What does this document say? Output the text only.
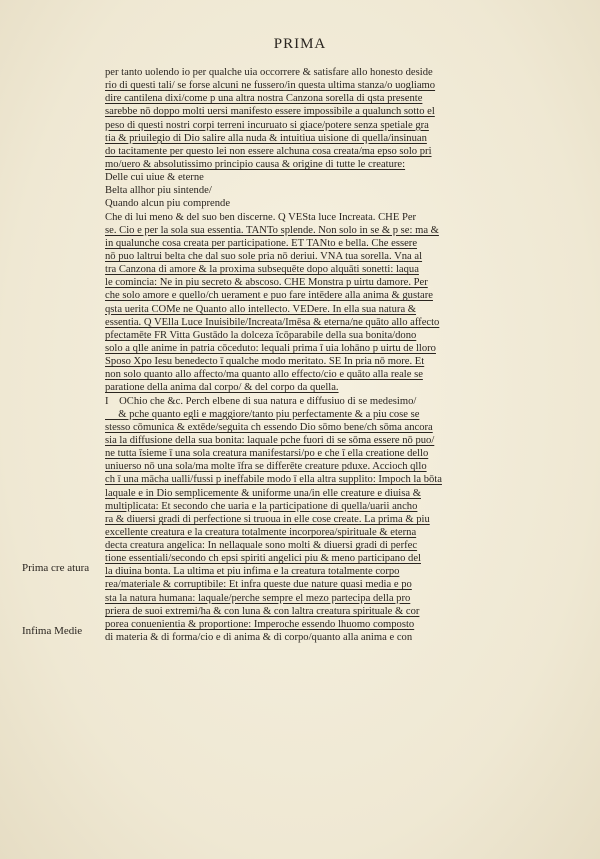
PRIMA
Prima cre atura
Infima Medie
per tanto uolendo io per qualche uia occorrere & satisfare allo honesto deside
rio di questi tali/ se forse alcuni ne fussero/in questa ultima stanza/o uogliamo
dire cantilena dixi/come p una altra nostra Canzona sorella di qsta presente
sarebbe nō doppo molti uersi manifesto essere impossibile a qualunch sotto el
peso di questi nostri corpi terreni incuruato si giace/potere senza spetiale gra
tia & priuilegio di Dio salire alla nuda & intuitiua uisione di quella/insinuan
do tacitamente per questo lei non essere alchuna cosa creata/ma epso solo pri
mo/uero & absolutissimo principio causa & origine di tutte le creature:
Delle cui uiue & eterne
Belta allhor piu sintende/
Quando alcun piu comprende
Che di lui meno & del suo ben discerne. Q VESta luce Increata. CHE Per
se. Cio e per la sola sua essentia. TANTo splende. Non solo in se & p se: ma &
in qualunche cosa creata per participatione. ET TANto e bella. Che essere
nō puo laltrui belta che dal suo sole pria nō deriui. VNA tua sorella. Vna al
tra Canzona di amore & la proxima subsequēte dopo alquāti sonetti: laqua
le comincia: Ne in piu secreto & abscoso. CHE Monstra p uirtu damore. Per
che solo amore e quello/ch uerament e puo fare intēdere alla anima & gustare
qsta uerita COMe ne Quanto allo intellecto. VEDere. In ella sua natura &
essentia. Q VElla Luce Inuisibile/Increata/Imēsa & eterna/ne quāto allo affecto
pfectamēte FR Vitta Gustādo la dolceza īcōparabile della sua bonita/dono
solo a qlle anime in patria cōceduto: lequali prima ī uia lohāno p uirtu de lloro
Sposo Xpo Iesu benedecto ī qualche modo meritato. SE In pria nō more. Et
non solo quanto allo affecto/ma quanto allo effecto/cio e quāto alla reale se
paratione della anima dal corpo/ & del corpo da quella.
I    OChio che &c. Perch elbene di sua natura e diffusiuo di se medesimo/
& pche quanto egli e maggiore/tanto piu perfectamente & a piu cose se
stesso cōmunica & extēde/seguita ch essendo Dio sōmo bene/ch sōma ancora
sia la diffusione della sua bonita: laquale pche fuori di se sōma essere nō puo/
ne tutta īsieme ī una sola creatura manifestarsi/po e che ī ella creatione dello
uniuerso nō una sola/ma molte īfra se differēte creature pduxe. Accioch qllo
ch ī una mācha ualli/fussi p ineffabile modo ī ella altra supplito: Impoch la bōta
laquale e in Dio semplicemente & uniforme una/in elle creature e diuisa &
multiplicata: Et secondo che uaria e la participatione di quella/uarii ancho
ra & diuersi gradi di perfectione si truoua in elle cose create. La prima & piu
excellente creatura e la creatura totalmente incorporea/spirituale & eterna
decta creatura angelica: In nellaquale sono molti & diuersi gradi di perfec
tione essentiali/secondo ch epsi spiriti angelici piu & meno participano del
la diuina bonta. La ultima et piu infima e la creatura totalmente corpo
rea/materiale & corruptibile: Et infra queste due nature quasi media e po
sta la natura humana: laquale/perche sempre el mezo partecipa della pro
priera de suoi extremi/ha & con luna & con laltra creatura spirituale & cor
porea conuenientia & proportione: Imperoche essendo lhuomo composto
di materia & di forma/cio e di anima & di corpo/quanto alla anima e con
